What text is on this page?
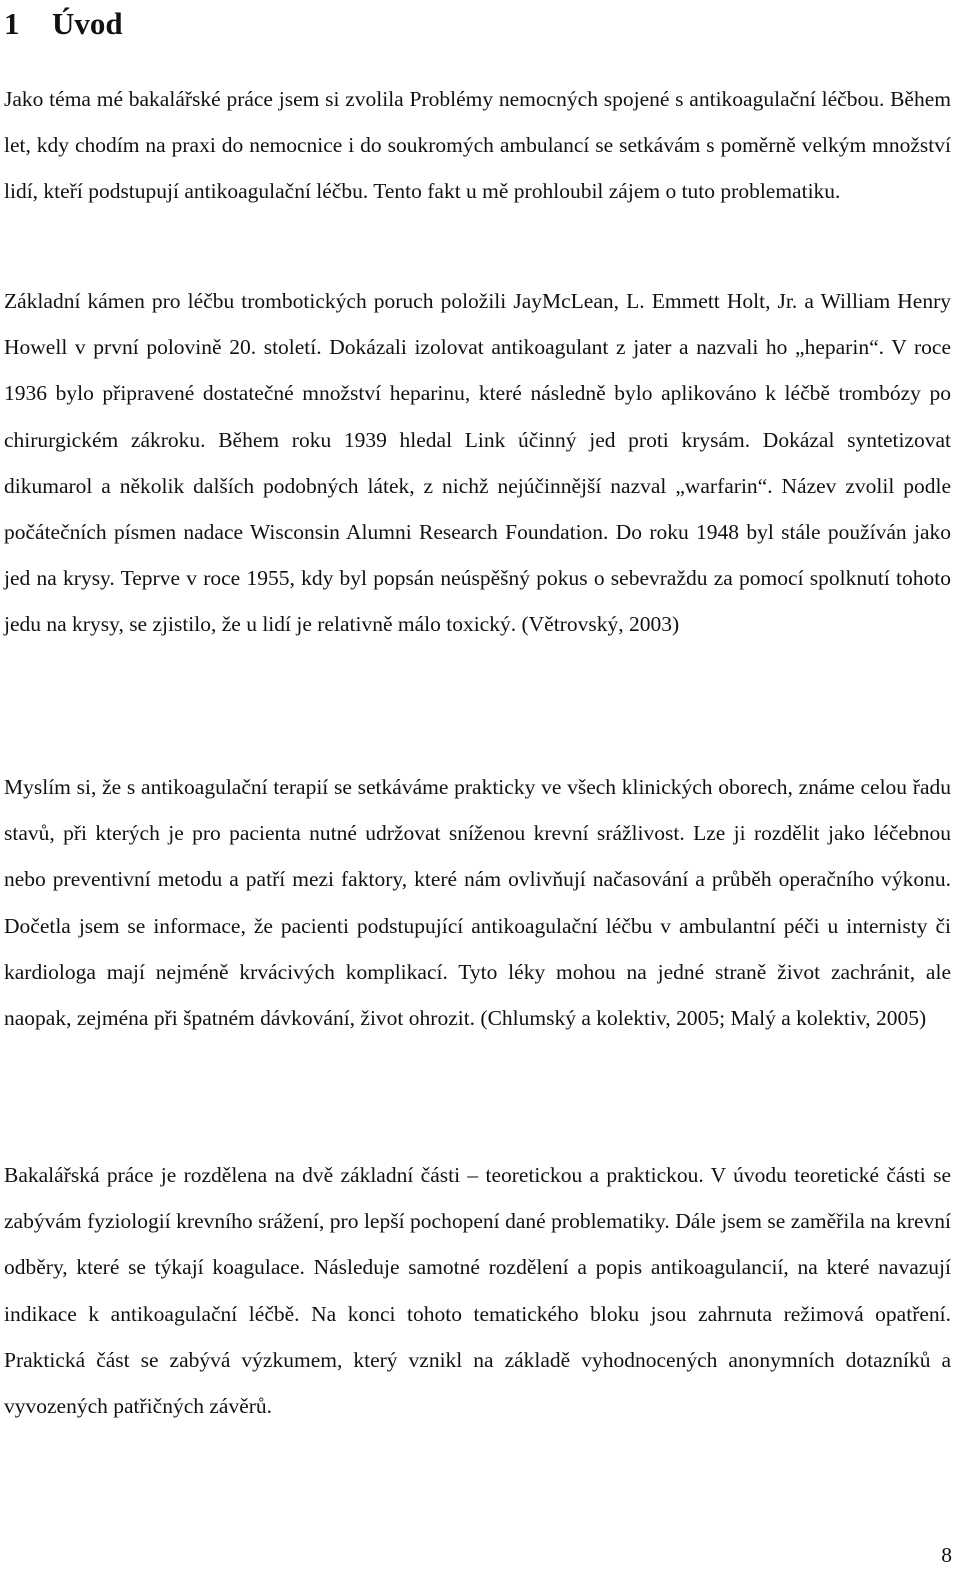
1 Úvod

Jako téma mé bakalářské práce jsem si zvolila Problémy nemocných spojené s antikoagulační léčbou. Během let, kdy chodím na praxi do nemocnice i do soukromých ambulancí se setkávám s poměrně velkým množství lidí, kteří podstupují antikoagulační léčbu. Tento fakt u mě prohloubil zájem o tuto problematiku.

Základní kámen pro léčbu trombotických poruch položili JayMcLean, L. Emmett Holt, Jr. a William Henry Howell v první polovině 20. století. Dokázali izolovat antikoagulant z jater a nazvali ho „heparin“. V roce 1936 bylo připravené dostatečné množství heparinu, které následně bylo aplikováno k léčbě trombózy po chirurgickém zákroku. Během roku 1939 hledal Link účinný jed proti krysám. Dokázal syntetizovat dikumarol a několik dalších podobných látek, z nichž nejúčinnější nazval „warfarin“. Název zvolil podle počátečních písmen nadace Wisconsin Alumni Research Foundation. Do roku 1948 byl stále používán jako jed na krysy. Teprve v roce 1955, kdy byl popsán neúspěšný pokus o sebevraždu za pomocí spolknutí tohoto jedu na krysy, se zjistilo, že u lidí je relativně málo toxický. (Větrovský, 2003)

Myslím si, že s antikoagulační terapií se setkáváme prakticky ve všech klinických oborech, známe celou řadu stavů, při kterých je pro pacienta nutné udržovat sníženou krevní srážlivost. Lze ji rozdělit jako léčebnou nebo preventivní metodu a patří mezi faktory, které nám ovlivňují načasování a průběh operačního výkonu. Dočetla jsem se informace, že pacienti podstupující antikoagulační léčbu v ambulantní péči u internisty či kardiologa mají nejméně krvácivých komplikací. Tyto léky mohou na jedné straně život zachránit, ale naopak, zejména při špatném dávkování, život ohrozit. (Chlumský a kolektiv, 2005; Malý a kolektiv, 2005)

Bakalářská práce je rozdělena na dvě základní části – teoretickou a praktickou. V úvodu teoretické části se zabývám fyziologií krevního srážení, pro lepší pochopení dané problematiky. Dále jsem se zaměřila na krevní odběry, které se týkají koagulace. Následuje samotné rozdělení a popis antikoagulancií, na které navazují indikace k antikoagulační léčbě. Na konci tohoto tematického bloku jsou zahrnuta režimová opatření. Praktická část se zabývá výzkumem, který vznikl na základě vyhodnocených anonymních dotazníků a vyvozených patřičných závěrů.

8
